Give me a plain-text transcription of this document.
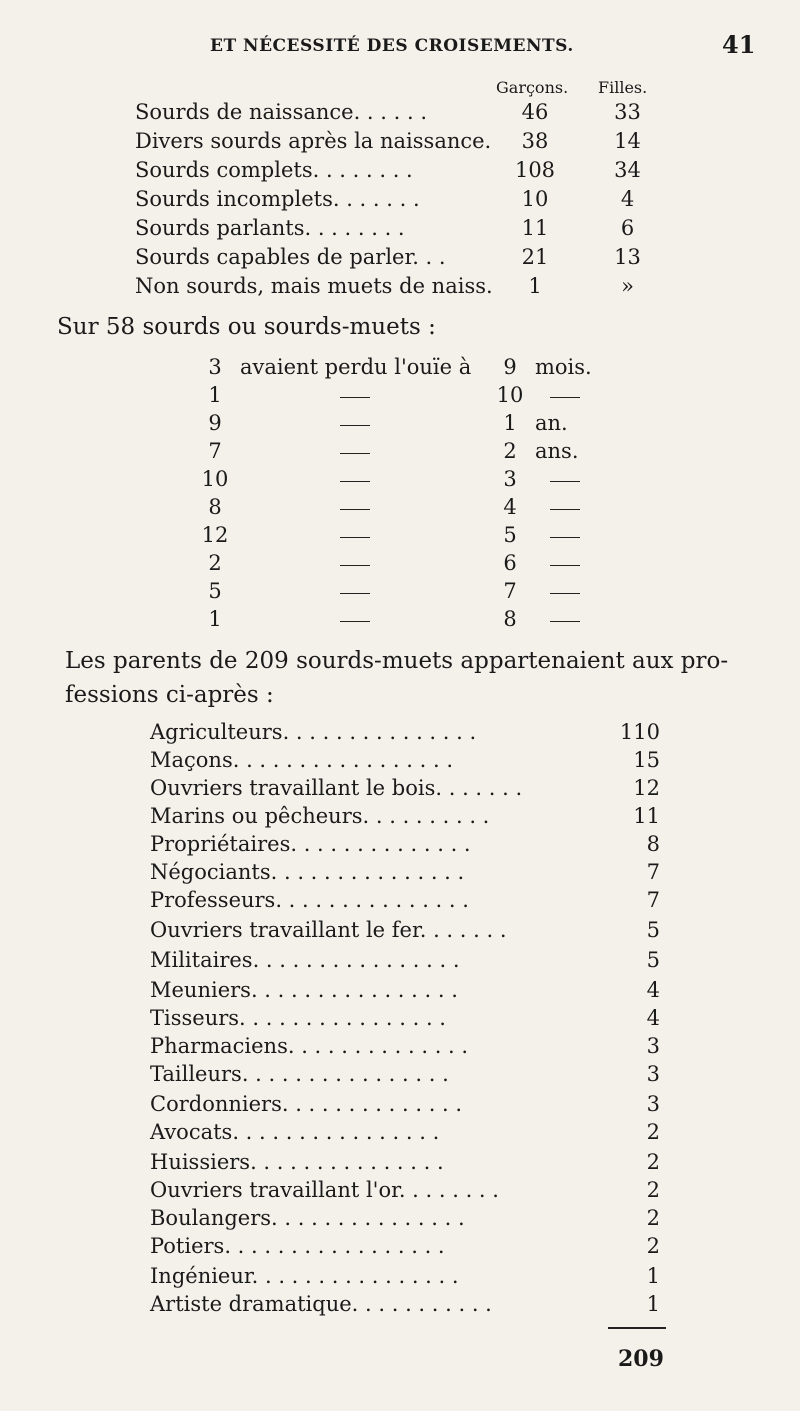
ET NÉCESSITÉ DES CROISEMENTS.	41
Garçons. Filles.
Sourds de naissance. . . . . .	46	33
Divers sourds après la naissance.	38	14
Sourds complets. . . . . . . .	108	34
Sourds incomplets. . . . . . .	10	4
Sourds parlants. . . . . . . .	11	6
Sourds capables de parler. . .	21	13
Non sourds, mais muets de naiss.	1	»
Sur 58 sourds ou sourds-muets :
3 avaient perdu l'ouïe à	9 mois.
1	10
9	1 an.
7	2 ans.
10	3
8	4
12	5
2	6
5	7
1	8
Les parents de 209 sourds-muets appartenaient aux pro-
fessions ci-après :
Agriculteurs. . . . . . . . . . . . . . .	110
Maçons. . . . . . . . . . . . . . . . .	15
Ouvriers travaillant le bois. . . . . . .	12
Marins ou pêcheurs. . . . . . . . . .	11
Propriétaires. . . . . . . . . . . . . .	8
Négociants. . . . . . . . . . . . . . .	7
Professeurs. . . . . . . . . . . . . . .	7
Ouvriers travaillant le fer. . . . . . .	5
Militaires. . . . . . . . . . . . . . . .	5
Meuniers. . . . . . . . . . . . . . . .	4
Tisseurs. . . . . . . . . . . . . . . .	4
Pharmaciens. . . . . . . . . . . . . .	3
Tailleurs. . . . . . . . . . . . . . . .	3
Cordonniers. . . . . . . . . . . . . .	3
Avocats. . . . . . . . . . . . . . . .	2
Huissiers. . . . . . . . . . . . . . .	2
Ouvriers travaillant l'or. . . . . . . .	2
Boulangers. . . . . . . . . . . . . . .	2
Potiers. . . . . . . . . . . . . . . . .	2
Ingénieur. . . . . . . . . . . . . . . .	1
Artiste dramatique. . . . . . . . . . .	1
209
